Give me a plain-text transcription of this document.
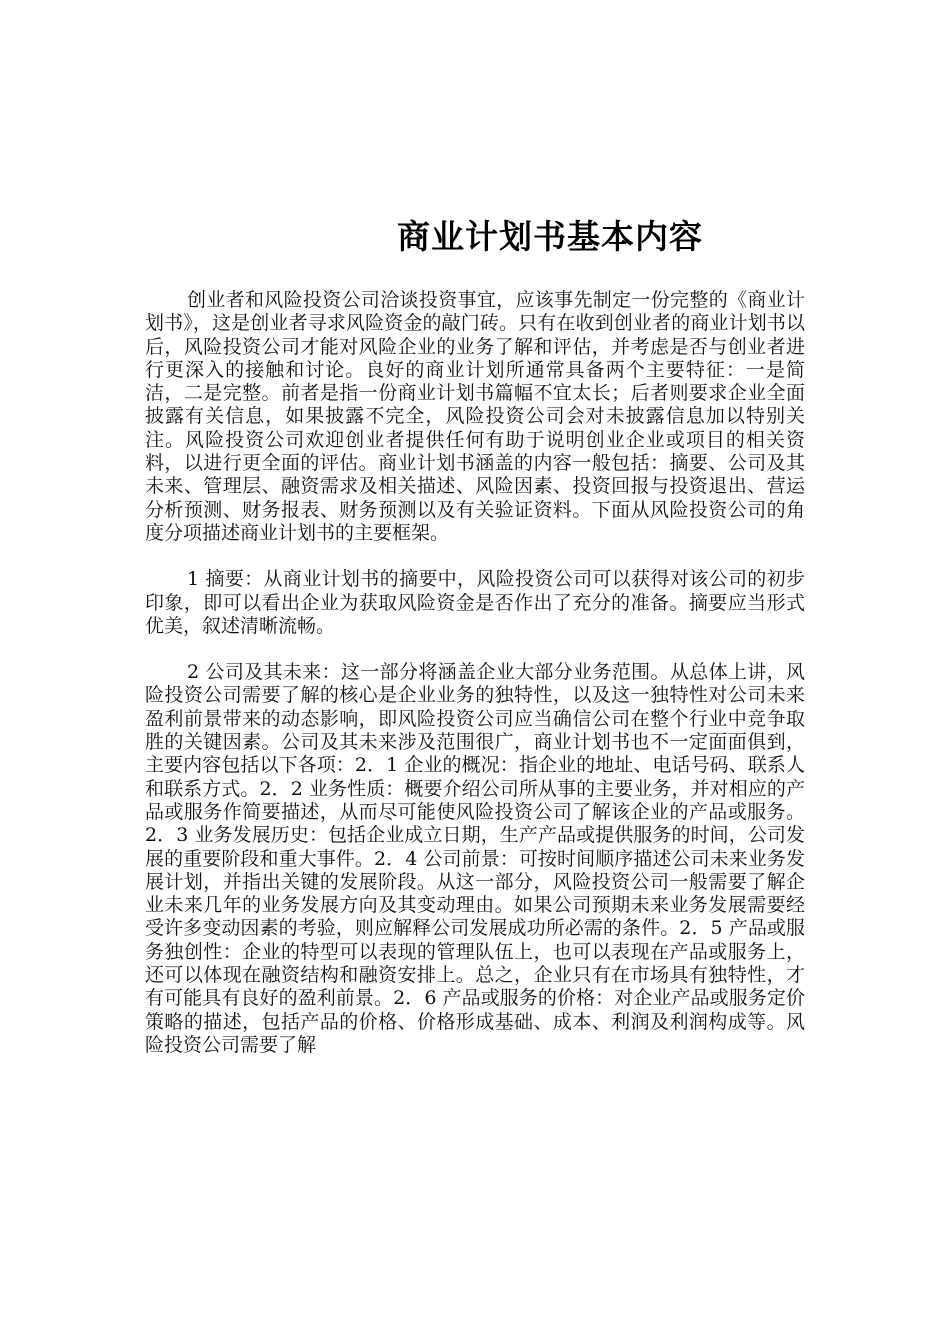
商业计划书基本内容

创业者和风险投资公司洽谈投资事宜，应该事先制定一份完整的《商业计划书》，这是创业者寻求风险资金的敲门砖。只有在收到创业者的商业计划书以后，风险投资公司才能对风险企业的业务了解和评估，并考虑是否与创业者进行更深入的接触和讨论。良好的商业计划所通常具备两个主要特征：一是简洁，二是完整。前者是指一份商业计划书篇幅不宜太长；后者则要求企业全面披露有关信息，如果披露不完全，风险投资公司会对未披露信息加以特别关注。风险投资公司欢迎创业者提供任何有助于说明创业企业或项目的相关资料，以进行更全面的评估。商业计划书涵盖的内容一般包括：摘要、公司及其未来、管理层、融资需求及相关描述、风险因素、投资回报与投资退出、营运分析预测、财务报表、财务预测以及有关验证资料。下面从风险投资公司的角度分项描述商业计划书的主要框架。

1 摘要：从商业计划书的摘要中，风险投资公司可以获得对该公司的初步印象，即可以看出企业为获取风险资金是否作出了充分的准备。摘要应当形式优美，叙述清晰流畅。

2 公司及其未来：这一部分将涵盖企业大部分业务范围。从总体上讲，风险投资公司需要了解的核心是企业业务的独特性，以及这一独特性对公司未来盈利前景带来的动态影响，即风险投资公司应当确信公司在整个行业中竞争取胜的关键因素。公司及其未来涉及范围很广，商业计划书也不一定面面俱到，主要内容包括以下各项：2．1 企业的概况：指企业的地址、电话号码、联系人和联系方式。2．2 业务性质：概要介绍公司所从事的主要业务，并对相应的产品或服务作简要描述，从而尽可能使风险投资公司了解该企业的产品或服务。2．3 业务发展历史：包括企业成立日期，生产产品或提供服务的时间，公司发展的重要阶段和重大事件。2．4 公司前景：可按时间顺序描述公司未来业务发展计划，并指出关键的发展阶段。从这一部分，风险投资公司一般需要了解企业未来几年的业务发展方向及其变动理由。如果公司预期未来业务发展需要经受许多变动因素的考验，则应解释公司发展成功所必需的条件。2．5 产品或服务独创性：企业的特型可以表现的管理队伍上，也可以表现在产品或服务上，还可以体现在融资结构和融资安排上。总之，企业只有在市场具有独特性，才有可能具有良好的盈利前景。2．6 产品或服务的价格：对企业产品或服务定价策略的描述，包括产品的价格、价格形成基础、成本、利润及利润构成等。风险投资公司需要了解
